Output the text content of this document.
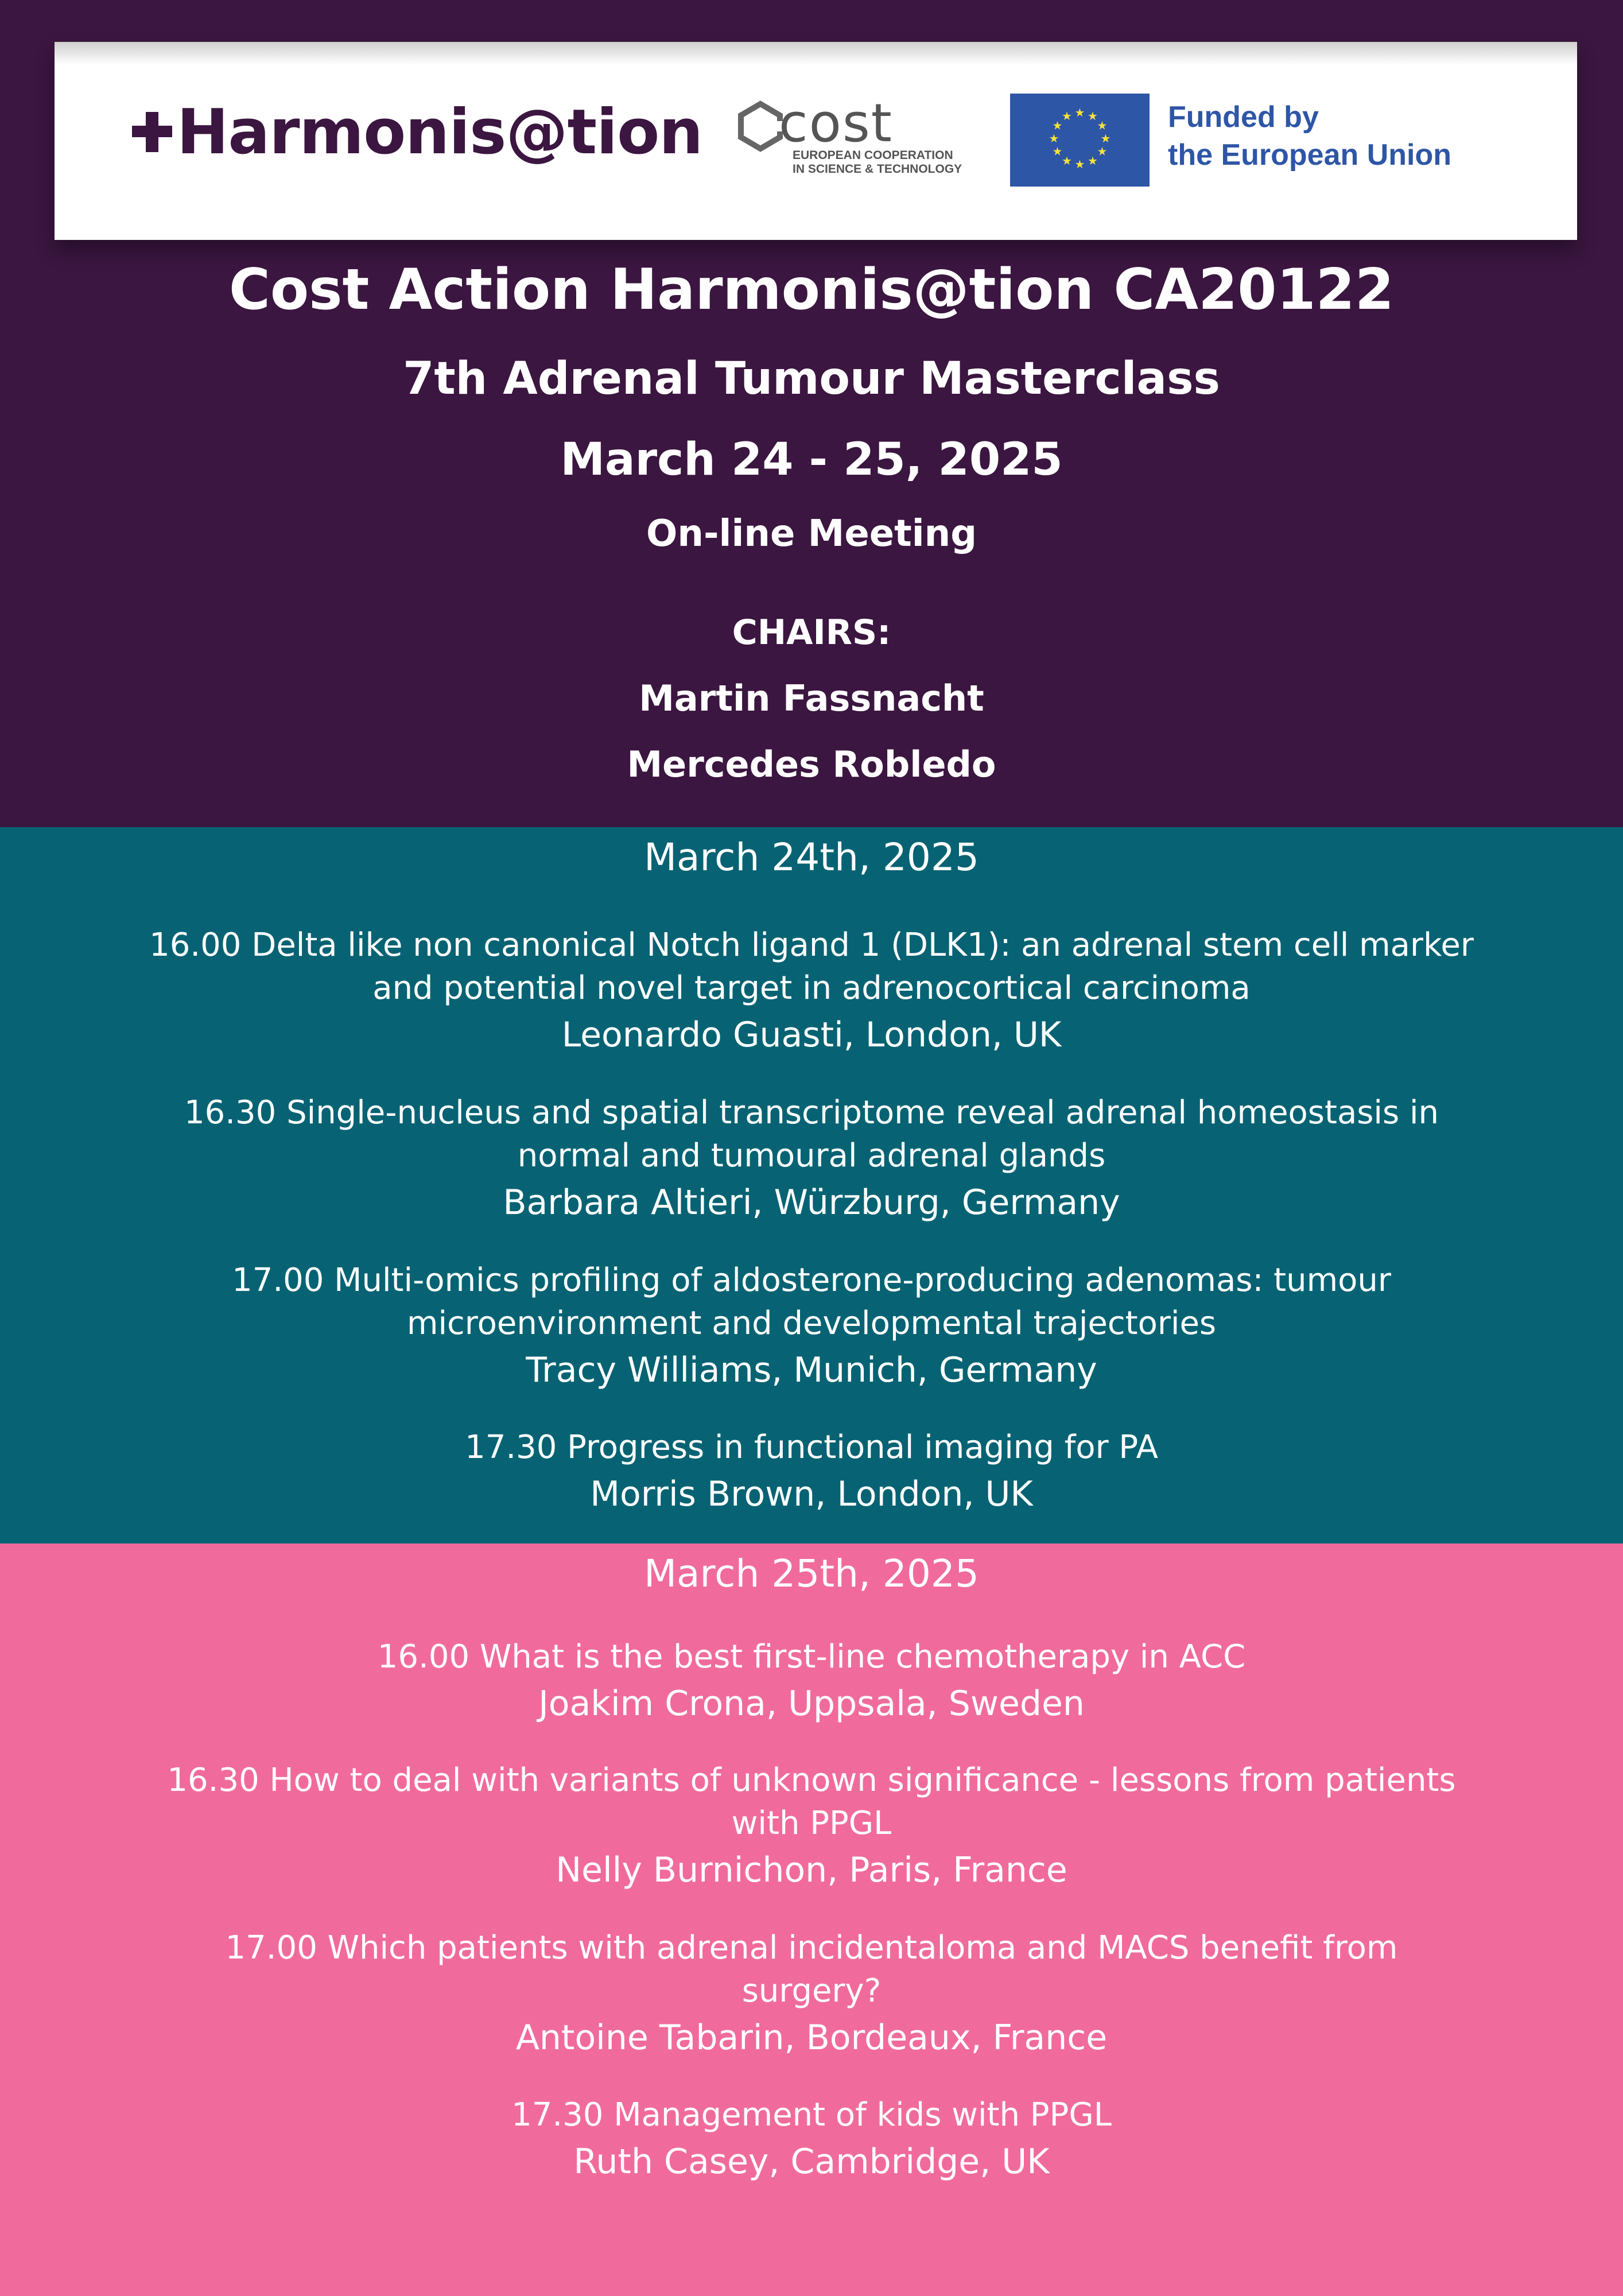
Harmonis@tion cost
EUROPEAN COOPERATION
IN SCIENCE & TECHNOLOGY
★ ★
★
★
★
★
★
★
★
★
★
★	Funded by
the European Union
Cost Action Harmonis@tion CA20122
7th Adrenal Tumour Masterclass
March 24 - 25, 2025
On-line Meeting
CHAIRS:
Martin Fassnacht
Mercedes Robledo
March 24th, 2025
16.00 Delta like non canonical Notch ligand 1 (DLK1): an adrenal stem cell marker
and potential novel target in adrenocortical carcinoma
Leonardo Guasti, London, UK
16.30 Single-nucleus and spatial transcriptome reveal adrenal homeostasis in
normal and tumoural adrenal glands
Barbara Altieri, Würzburg, Germany
17.00 Multi-omics profiling of aldosterone-producing adenomas: tumour
microenvironment and developmental trajectories
Tracy Williams, Munich, Germany
17.30 Progress in functional imaging for PA
Morris Brown, London, UK
March 25th, 2025
16.00 What is the best first-line chemotherapy in ACC
Joakim Crona, Uppsala, Sweden
16.30 How to deal with variants of unknown significance - lessons from patients
with PPGL
Nelly Burnichon, Paris, France
17.00 Which patients with adrenal incidentaloma and MACS benefit from
surgery?
Antoine Tabarin, Bordeaux, France
17.30 Management of kids with PPGL
Ruth Casey, Cambridge, UK
